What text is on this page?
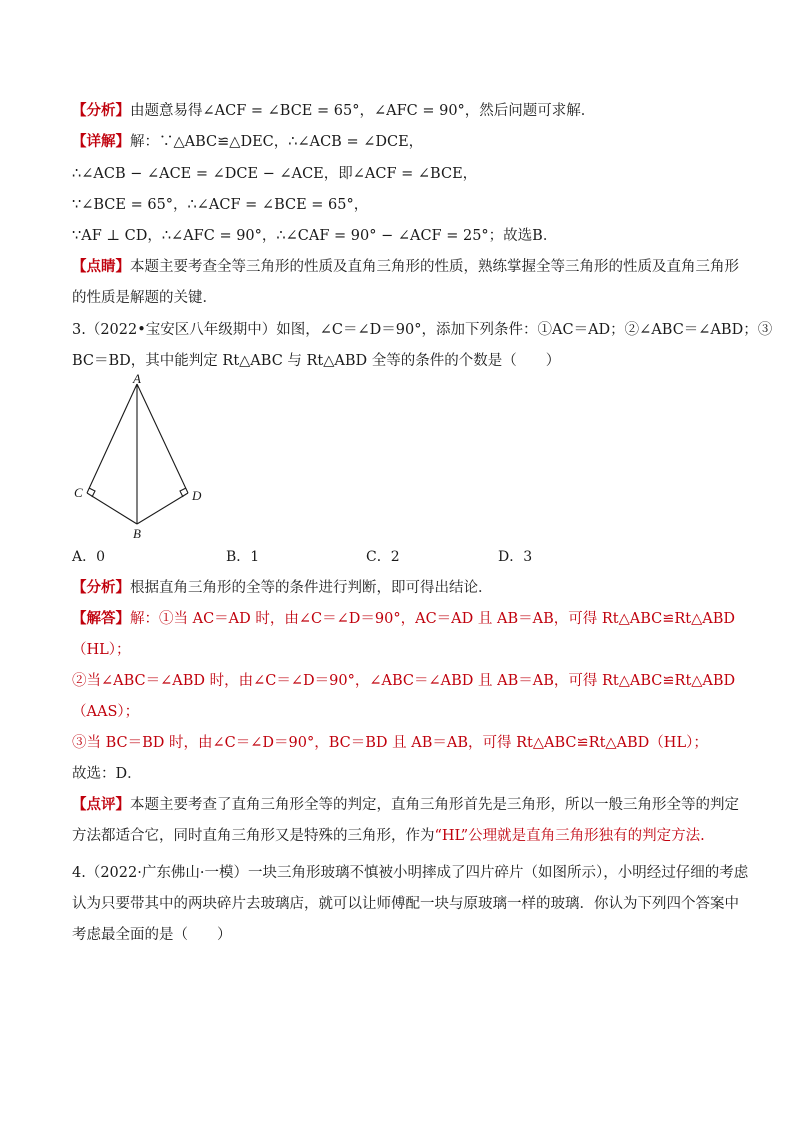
【分析】由题意易得∠ACF = ∠BCE = 65°，∠AFC = 90°，然后问题可求解．
【详解】解：∵△ABC≌△DEC，∴∠ACB = ∠DCE，
∴∠ACB − ∠ACE = ∠DCE − ∠ACE，即∠ACF = ∠BCE，
∵∠BCE = 65°，∴∠ACF = ∠BCE = 65°，
∵AF ⊥ CD，∴∠AFC = 90°，∴∠CAF = 90° − ∠ACF = 25°；故选B．
【点睛】本题主要考查全等三角形的性质及直角三角形的性质，熟练掌握全等三角形的性质及直角三角形
的性质是解题的关键．
3.（2022•宝安区八年级期中）如图，∠C＝∠D＝90°，添加下列条件：①AC＝AD；②∠ABC＝∠ABD；③
BC＝BD，其中能判定 Rt△ABC 与 Rt△ABD 全等的条件的个数是（　　）
A
C	D
B
A．0	B．1	C．2	D．3
【分析】根据直角三角形的全等的条件进行判断，即可得出结论．
【解答】解：①当 AC＝AD 时，由∠C＝∠D＝90°，AC＝AD 且 AB＝AB，可得 Rt△ABC≌Rt△ABD
（HL）；
②当∠ABC＝∠ABD 时，由∠C＝∠D＝90°，∠ABC＝∠ABD 且 AB＝AB，可得 Rt△ABC≌Rt△ABD
（AAS）；
③当 BC＝BD 时，由∠C＝∠D＝90°，BC＝BD 且 AB＝AB，可得 Rt△ABC≌Rt△ABD（HL）；
故选：D．
【点评】本题主要考查了直角三角形全等的判定，直角三角形首先是三角形，所以一般三角形全等的判定
方法都适合它，同时直角三角形又是特殊的三角形，作为“HL”公理就是直角三角形独有的判定方法.
4.（2022·广东佛山·一模）一块三角形玻璃不慎被小明摔成了四片碎片（如图所示），小明经过仔细的考虑
认为只要带其中的两块碎片去玻璃店，就可以让师傅配一块与原玻璃一样的玻璃．你认为下列四个答案中
考虑最全面的是（　　）
